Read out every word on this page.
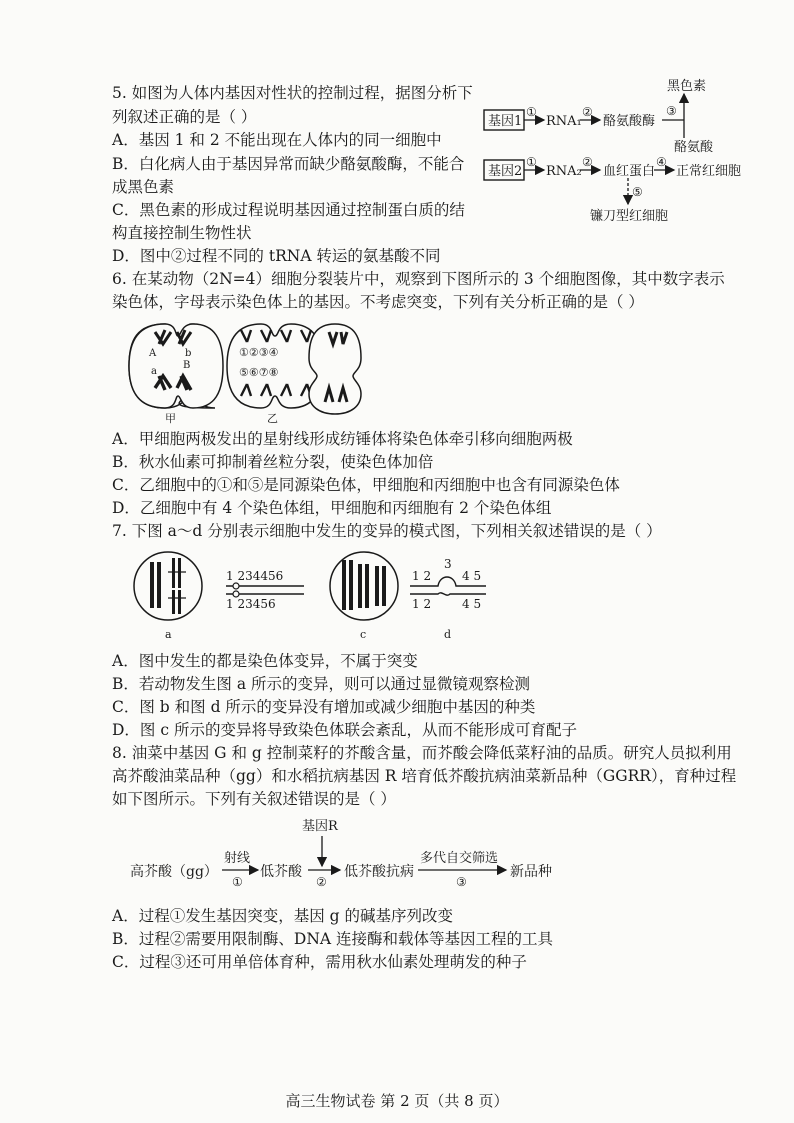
5. 如图为人体内基因对性状的控制过程，据图分析下
列叙述正确的是（ ）
A．基因 1 和 2 不能出现在人体内的同一细胞中
B．白化病人由于基因异常而缺少酪氨酸酶，不能合
成黑色素
C．黑色素的形成过程说明基因通过控制蛋白质的结
构直接控制生物性状
D．图中②过程不同的 tRNA 转运的氨基酸不同
基因1
①
RNA₁
②
酪氨酸酶
③
黑色素
酪氨酸
基因2
①
RNA₂
②
血红蛋白
④
正常红细胞
⑤
镰刀型红细胞
6. 在某动物（2N=4）细胞分裂装片中，观察到下图所示的 3 个细胞图像，其中数字表示
染色体，字母表示染色体上的基因。不考虑突变，下列有关分析正确的是（ ）
A	b
B
a
甲
①②③④
⑤⑥⑦⑧
乙
A．甲细胞两极发出的星射线形成纺锤体将染色体牵引移向细胞两极
B．秋水仙素可抑制着丝粒分裂，使染色体加倍
C．乙细胞中的①和⑤是同源染色体，甲细胞和丙细胞中也含有同源染色体
D．乙细胞中有 4 个染色体组，甲细胞和丙细胞有 2 个染色体组
7. 下图 a～d 分别表示细胞中发生的变异的模式图，下列相关叙述错误的是（ ）
a
1 234456
1 23456
c
1 2
3
4 5
1 2	4 5
d
A．图中发生的都是染色体变异，不属于突变
B．若动物发生图 a 所示的变异，则可以通过显微镜观察检测
C．图 b 和图 d 所示的变异没有增加或减少细胞中基因的种类
D．图 c 所示的变异将导致染色体联会紊乱，从而不能形成可育配子
8. 油菜中基因 G 和 g 控制菜籽的芥酸含量，而芥酸会降低菜籽油的品质。研究人员拟利用
高芥酸油菜品种（gg）和水稻抗病基因 R 培育低芥酸抗病油菜新品种（GGRR），育种过程
如下图所示。下列有关叙述错误的是（ ）
高芥酸（gg）
射线
①
低芥酸
基因R
②
低芥酸抗病
多代自交筛选
③
新品种
A．过程①发生基因突变，基因 g 的碱基序列改变
B．过程②需要用限制酶、DNA 连接酶和载体等基因工程的工具
C．过程③还可用单倍体育种，需用秋水仙素处理萌发的种子
高三生物试卷 第 2 页（共 8 页）
